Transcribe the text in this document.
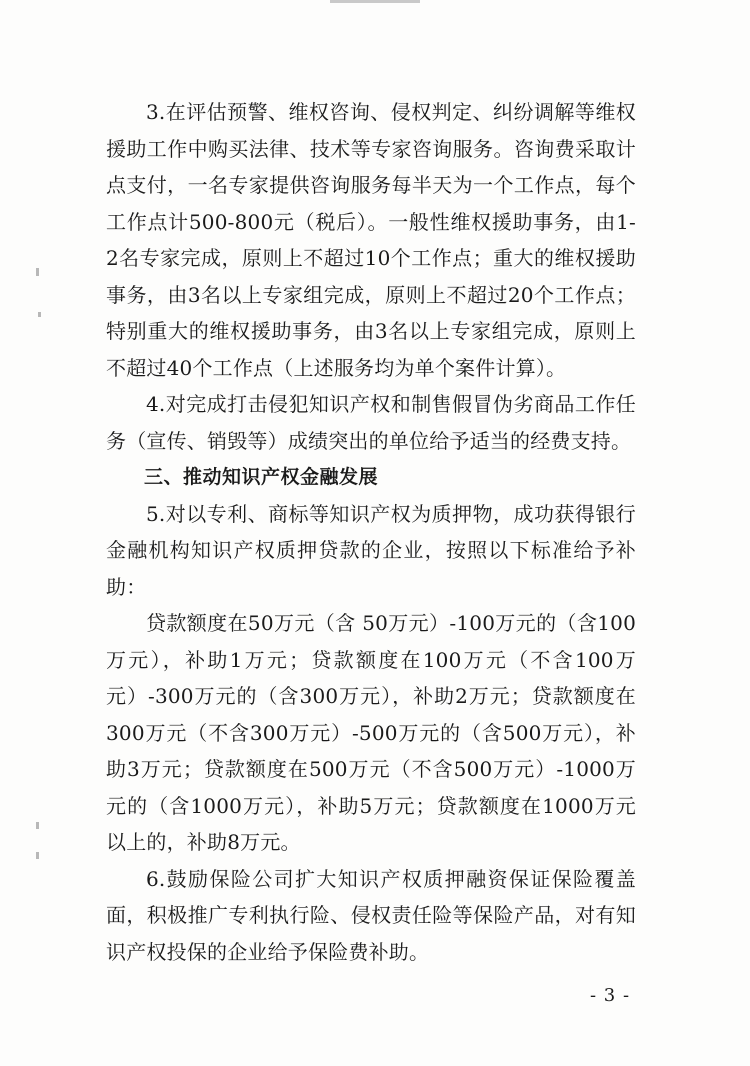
3.在评估预警、维权咨询、侵权判定、纠纷调解等维权援助工作中购买法律、技术等专家咨询服务。咨询费采取计点支付，一名专家提供咨询服务每半天为一个工作点，每个工作点计500-800元（税后）。一般性维权援助事务，由1-2名专家完成，原则上不超过10个工作点；重大的维权援助事务，由3名以上专家组完成，原则上不超过20个工作点；特别重大的维权援助事务，由3名以上专家组完成，原则上不超过40个工作点（上述服务均为单个案件计算）。

4.对完成打击侵犯知识产权和制售假冒伪劣商品工作任务（宣传、销毁等）成绩突出的单位给予适当的经费支持。

三、推动知识产权金融发展

5.对以专利、商标等知识产权为质押物，成功获得银行金融机构知识产权质押贷款的企业，按照以下标准给予补助：

贷款额度在50万元（含 50万元）-100万元的（含100万元），补助1万元；贷款额度在100万元（不含100万元）-300万元的（含300万元），补助2万元；贷款额度在300万元（不含300万元）-500万元的（含500万元），补助3万元；贷款额度在500万元（不含500万元）-1000万元的（含1000万元），补助5万元；贷款额度在1000万元以上的，补助8万元。

6.鼓励保险公司扩大知识产权质押融资保证保险覆盖面，积极推广专利执行险、侵权责任险等保险产品，对有知识产权投保的企业给予保险费补助。

- 3 -
